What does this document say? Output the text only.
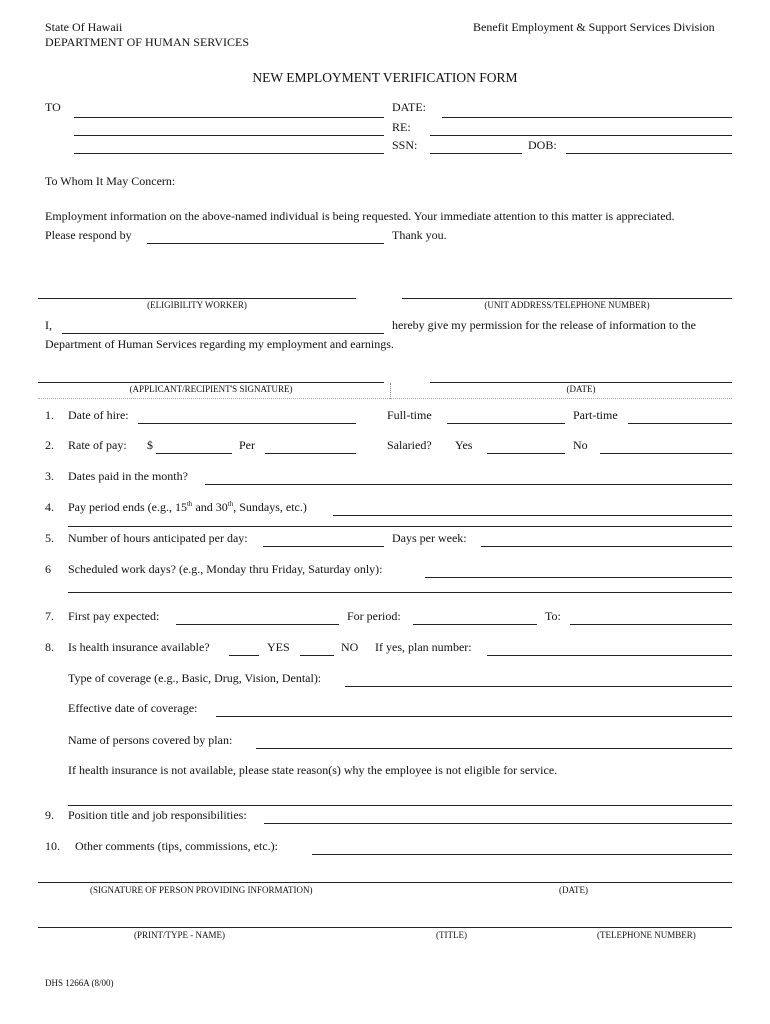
State Of Hawaii
DEPARTMENT OF HUMAN SERVICES
Benefit Employment & Support Services Division
NEW EMPLOYMENT VERIFICATION FORM
TO	DATE:
RE:
SSN:	DOB:
To Whom It May Concern:
Employment information on the above-named individual is being requested. Your immediate attention to this matter is appreciated.
Please respond by	Thank you.
(ELIGIBILITY WORKER)	(UNIT ADDRESS/TELEPHONE NUMBER)
I,	hereby give my permission for the release of information to the
Department of Human Services regarding my employment and earnings.
(APPLICANT/RECIPIENT'S SIGNATURE)	(DATE)
1. Date of hire:	Full-time	Part-time
2. Rate of pay: $	Per	Salaried? Yes	No
3. Dates paid in the month?
4. Pay period ends (e.g., 15th and 30th, Sundays, etc.)
5. Number of hours anticipated per day:	Days per week:
6 Scheduled work days? (e.g., Monday thru Friday, Saturday only):
7. First pay expected:	For period:	To:
8. Is health insurance available?	YES	NO If yes, plan number:
Type of coverage (e.g., Basic, Drug, Vision, Dental):
Effective date of coverage:
Name of persons covered by plan:
If health insurance is not available, please state reason(s) why the employee is not eligible for service.
9. Position title and job responsibilities:
10. Other comments (tips, commissions, etc.):
(SIGNATURE OF PERSON PROVIDING INFORMATION)	(DATE)
(PRINT/TYPE - NAME)	(TITLE)	(TELEPHONE NUMBER)
DHS 1266A (8/00)
